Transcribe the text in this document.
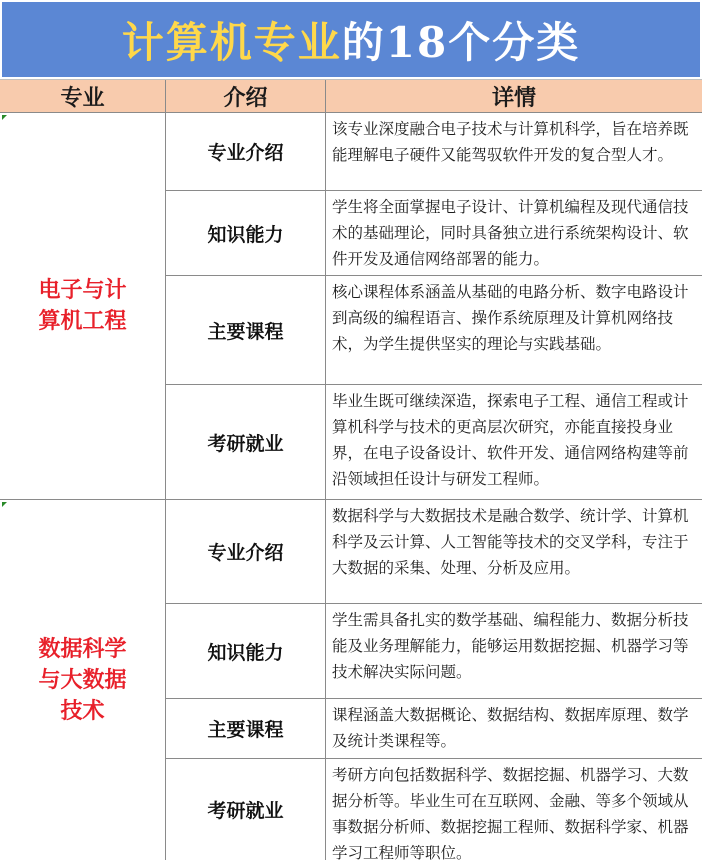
计算机专业 的18个分类
专业	介绍	详情
电子与计算机工程
专业介绍
该专业深度融合电子技术与计算机科学，旨在培养既能理解电子硬件又能驾驭软件开发的复合型人才。
知识能力
学生将全面掌握电子设计、计算机编程及现代通信技术的基础理论，同时具备独立进行系统架构设计、软件开发及通信网络部署的能力。
主要课程
核心课程体系涵盖从基础的电路分析、数字电路设计到高级的编程语言、操作系统原理及计算机网络技术，为学生提供坚实的理论与实践基础。
考研就业
毕业生既可继续深造，探索电子工程、通信工程或计算机科学与技术的更高层次研究，亦能直接投身业界，在电子设备设计、软件开发、通信网络构建等前沿领域担任设计与研发工程师。
数据科学与大数据技术
专业介绍
数据科学与大数据技术是融合数学、统计学、计算机科学及云计算、人工智能等技术的交叉学科，专注于大数据的采集、处理、分析及应用。
知识能力
学生需具备扎实的数学基础、编程能力、数据分析技能及业务理解能力，能够运用数据挖掘、机器学习等技术解决实际问题。
主要课程
课程涵盖大数据概论、数据结构、数据库原理、数学及统计类课程等。
考研就业
考研方向包括数据科学、数据挖掘、机器学习、大数据分析等。毕业生可在互联网、金融、等多个领域从事数据分析师、数据挖掘工程师、数据科学家、机器学习工程师等职位。
